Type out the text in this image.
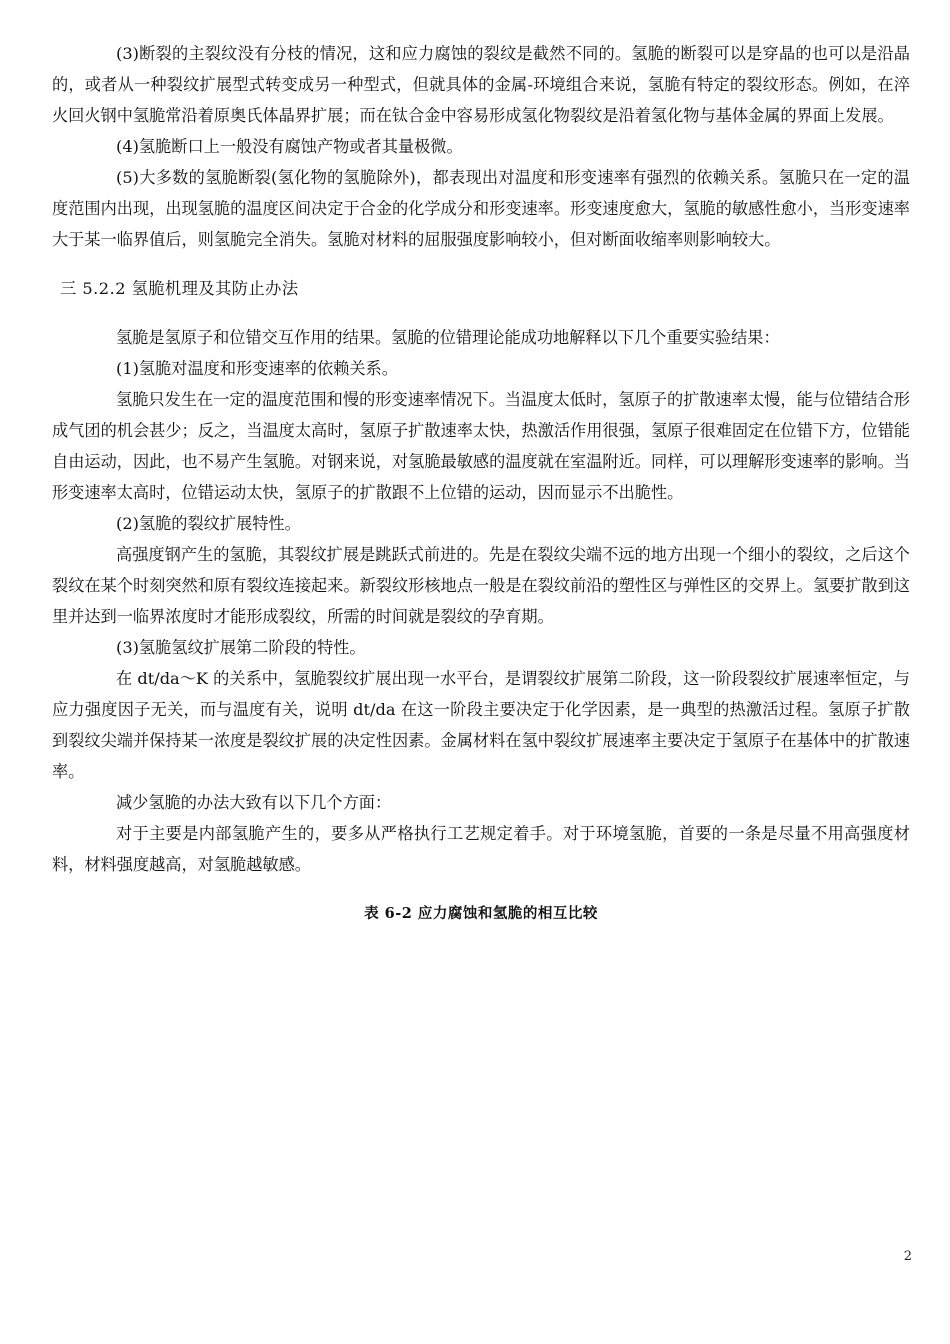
(3)断裂的主裂纹没有分枝的情况，这和应力腐蚀的裂纹是截然不同的。氢脆的断裂可以是穿晶的也可以是沿晶的，或者从一种裂纹扩展型式转变成另一种型式，但就具体的金属-环境组合来说，氢脆有特定的裂纹形态。例如，在淬火回火钢中氢脆常沿着原奥氏体晶界扩展；而在钛合金中容易形成氢化物裂纹是沿着氢化物与基体金属的界面上发展。

(4)氢脆断口上一般没有腐蚀产物或者其量极微。

(5)大多数的氢脆断裂(氢化物的氢脆除外)，都表现出对温度和形变速率有强烈的依赖关系。氢脆只在一定的温度范围内出现，出现氢脆的温度区间决定于合金的化学成分和形变速率。形变速度愈大，氢脆的敏感性愈小，当形变速率大于某一临界值后，则氢脆完全消失。氢脆对材料的屈服强度影响较小，但对断面收缩率则影响较大。

三 5.2.2 氢脆机理及其防止办法

氢脆是氢原子和位错交互作用的结果。氢脆的位错理论能成功地解释以下几个重要实验结果：

(1)氢脆对温度和形变速率的依赖关系。

氢脆只发生在一定的温度范围和慢的形变速率情况下。当温度太低时，氢原子的扩散速率太慢，能与位错结合形成气团的机会甚少；反之，当温度太高时，氢原子扩散速率太快，热激活作用很强，氢原子很难固定在位错下方，位错能自由运动，因此，也不易产生氢脆。对钢来说，对氢脆最敏感的温度就在室温附近。同样，可以理解形变速率的影响。当形变速率太高时，位错运动太快，氢原子的扩散跟不上位错的运动，因而显示不出脆性。

(2)氢脆的裂纹扩展特性。

高强度钢产生的氢脆，其裂纹扩展是跳跃式前进的。先是在裂纹尖端不远的地方出现一个细小的裂纹，之后这个裂纹在某个时刻突然和原有裂纹连接起来。新裂纹形核地点一般是在裂纹前沿的塑性区与弹性区的交界上。氢要扩散到这里并达到一临界浓度时才能形成裂纹，所需的时间就是裂纹的孕育期。

(3)氢脆氢纹扩展第二阶段的特性。

在 dt/da～K 的关系中，氢脆裂纹扩展出现一水平台，是谓裂纹扩展第二阶段，这一阶段裂纹扩展速率恒定，与应力强度因子无关，而与温度有关，说明 dt/da 在这一阶段主要决定于化学因素，是一典型的热激活过程。氢原子扩散到裂纹尖端并保持某一浓度是裂纹扩展的决定性因素。金属材料在氢中裂纹扩展速率主要决定于氢原子在基体中的扩散速率。

减少氢脆的办法大致有以下几个方面：

对于主要是内部氢脆产生的，要多从严格执行工艺规定着手。对于环境氢脆，首要的一条是尽量不用高强度材料，材料强度越高，对氢脆越敏感。

表 6-2 应力腐蚀和氢脆的相互比较

2
